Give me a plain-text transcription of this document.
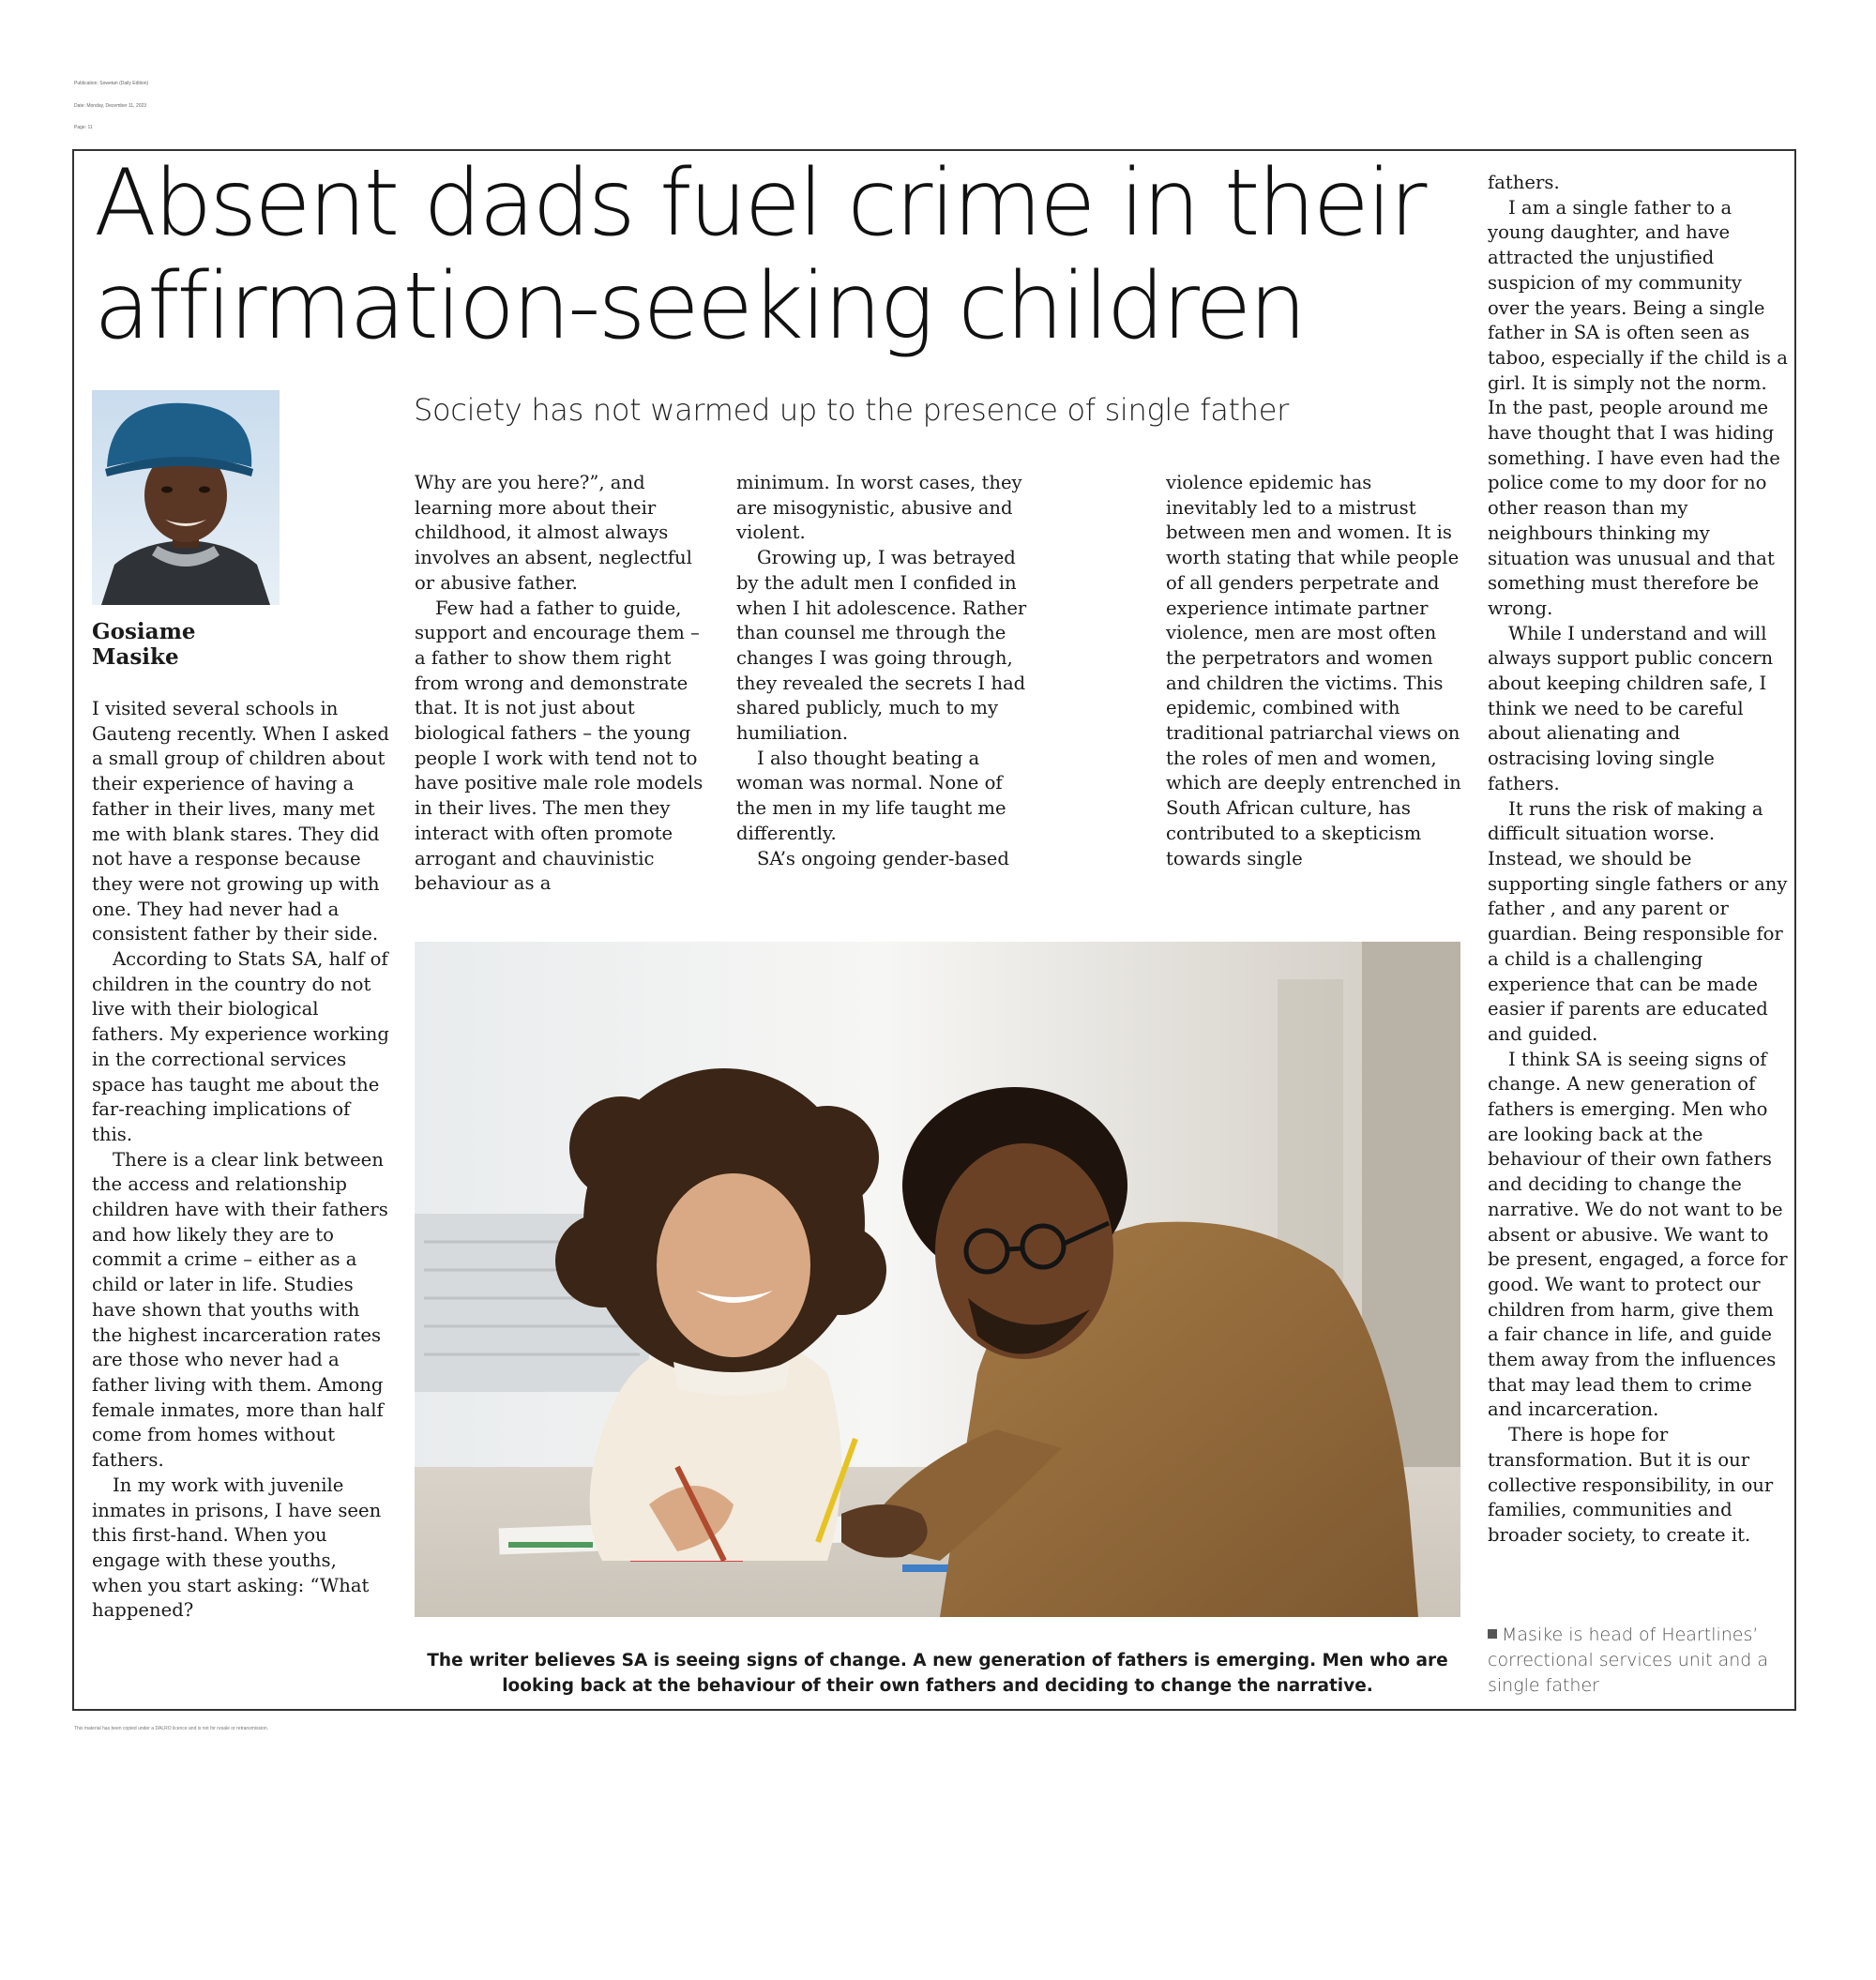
Publication: Sowetan (Daily Edition)
Date: Monday, December 11, 2023
Page: 11
Absent dads fuel crime in their affirmation-seeking children
Gosiame
Masike

Society has not warmed up to the presence of single father

I visited several schools in Gauteng recently. When I asked a small group of children about their experience of having a father in their lives, many met me with blank stares. They did not have a response because they were not growing up with one. They had never had a consistent father by their side.

According to Stats SA, half of children in the country do not live with their biological fathers. My experience working in the correctional services space has taught me about the far-reaching implications of this.

There is a clear link between the access and relationship children have with their fathers and how likely they are to commit a crime – either as a child or later in life. Studies have shown that youths with the highest incarceration rates are those who never had a father living with them. Among female inmates, more than half come from homes without fathers.

In my work with juvenile inmates in prisons, I have seen this first-hand. When you engage with these youths, when you start asking: “What happened?

Why are you here?”, and learning more about their childhood, it almost always involves an absent, neglectful or abusive father.

Few had a father to guide, support and encourage them – a father to show them right from wrong and demonstrate that. It is not just about biological fathers – the young people I work with tend not to have positive male role models in their lives. The men they interact with often promote arrogant and chauvinistic behaviour as a

minimum. In worst cases, they are misogynistic, abusive and violent.

Growing up, I was betrayed by the adult men I confided in when I hit adolescence. Rather than counsel me through the changes I was going through, they revealed the secrets I had shared publicly, much to my humiliation.

I also thought beating a woman was normal. None of the men in my life taught me differently.

SA’s ongoing gender-based

violence epidemic has inevitably led to a mistrust between men and women. It is worth stating that while people of all genders perpetrate and experience intimate partner violence, men are most often the perpetrators and women and children the victims. This epidemic, combined with traditional patriarchal views on the roles of men and women, which are deeply entrenched in South African culture, has contributed to a skepticism towards single

fathers.

I am a single father to a young daughter, and have attracted the unjustified suspicion of my community over the years. Being a single father in SA is often seen as taboo, especially if the child is a girl. It is simply not the norm. In the past, people around me have thought that I was hiding something. I have even had the police come to my door for no other reason than my neighbours thinking my situation was unusual and that something must therefore be wrong.

While I understand and will always support public concern about keeping children safe, I think we need to be careful about alienating and ostracising loving single fathers.

It runs the risk of making a difficult situation worse. Instead, we should be supporting single fathers or any father , and any parent or guardian. Being responsible for a child is a challenging experience that can be made easier if parents are educated and guided.

I think SA is seeing signs of change. A new generation of fathers is emerging. Men who are looking back at the behaviour of their own fathers and deciding to change the narrative. We do not want to be absent or abusive. We want to be present, engaged, a force for good. We want to protect our children from harm, give them a fair chance in life, and guide them away from the influences that may lead them to crime and incarceration.

There is hope for transformation. But it is our collective responsibility, in our families, communities and broader society, to create it.

The writer believes SA is seeing signs of change. A new generation of fathers is emerging. Men who are looking back at the behaviour of their own fathers and deciding to change the narrative.

Masike is head of Heartlines’ correctional services unit and a single father

This material has been copied under a DALRO licence and is not for resale or retransmission.
